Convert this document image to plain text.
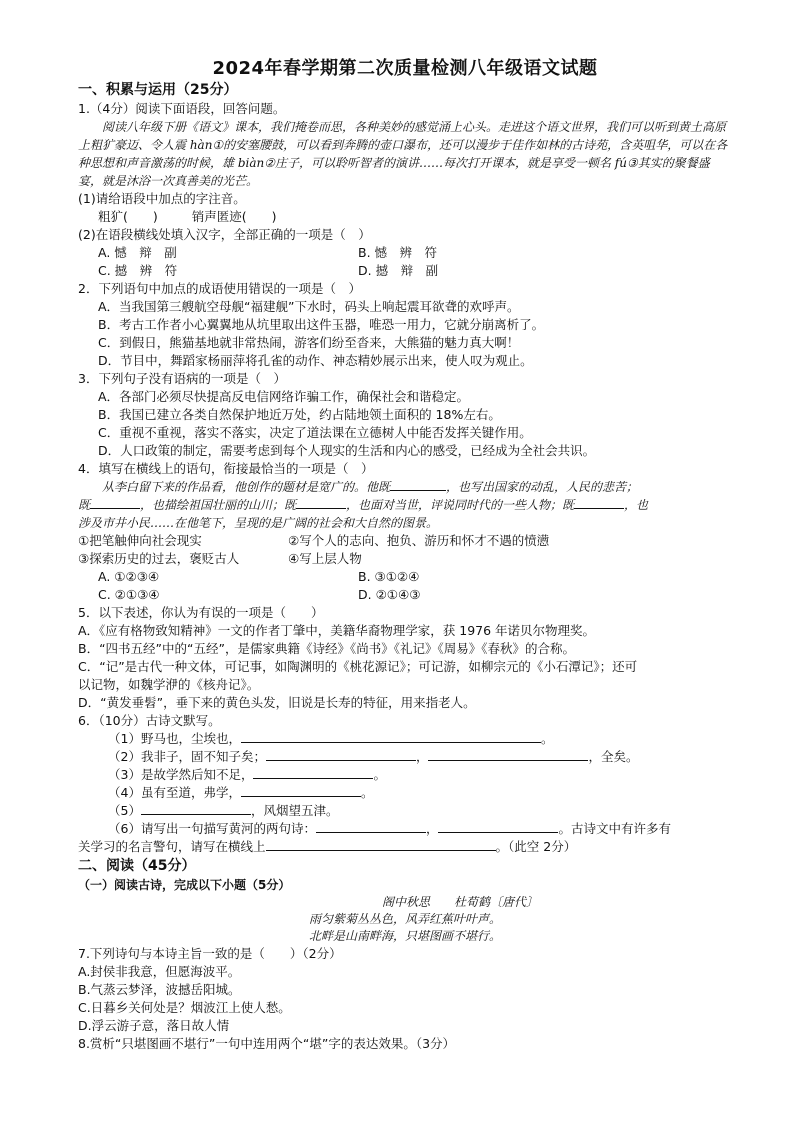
2024年春学期第二次质量检测八年级语文试题
一、积累与运用（25分）
1.（4分）阅读下面语段，回答问题。
阅读八年级下册《语文》课本，我们掩卷而思，各种美妙的感觉涌上心头。走进这个语文世界，我们可以听到黄土高原上粗犷豪迈、令人震 hàn①的安塞腰鼓，可以看到奔腾的壶口瀑布，还可以漫步于佳作如林的古诗苑，含英咀华，可以在各种思想和声音激荡的时候，雄 biàn②庄子，可以聆听智者的演讲……每次打开课本，就是享受一顿名 fú③其实的聚餐盛宴，就是沐浴一次真善美的光芒。
(1)请给语段中加点的字注音。
粗犷(　　)	销声匿迹(　　)
(2)在语段横线处填入汉字，全部正确的一项是（　）
A. 憾　辩　副	B. 憾　辨　符
C. 撼　辨　符	D. 撼　辩　副
2．下列语句中加点的成语使用错误的一项是（　）
A．当我国第三艘航空母舰“福建舰”下水时，码头上响起震耳欲聋的欢呼声。
B．考古工作者小心翼翼地从坑里取出这件玉器，唯恐一用力，它就分崩离析了。
C．到假日，熊猫基地就非常热闹，游客们纷至沓来，大熊猫的魅力真大啊！
D．节目中，舞蹈家杨丽萍将孔雀的动作、神态精妙展示出来，使人叹为观止。
3．下列句子没有语病的一项是（　）
A．各部门必须尽快提高反电信网络诈骗工作，确保社会和谐稳定。
B．我国已建立各类自然保护地近万处，约占陆地领土面积的 18%左右。
C．重视不重视，落实不落实，决定了道法课在立德树人中能否发挥关键作用。
D．人口政策的制定，需要考虑到每个人现实的生活和内心的感受，已经成为全社会共识。
4．填写在横线上的语句，衔接最恰当的一项是（　）
从李白留下来的作品看，他创作的题材是宽广的。他既	，也写出国家的动乱，人民的悲苦；
既	，也描绘祖国壮丽的山川；既	，也面对当世，评说同时代的一些人物；既	，也
涉及市井小民……在他笔下，呈现的是广阔的社会和大自然的图景。
①把笔触伸向社会现实	②写个人的志向、抱负、游历和怀才不遇的愤懑
③探索历史的过去，褒贬古人	④写上层人物
A. ①②③④	B. ③①②④
C. ②①③④	D. ②①④③
5．以下表述，你认为有误的一项是（　　）
A．《应有格物致知精神》一文的作者丁肇中，美籍华裔物理学家，获 1976 年诺贝尔物理奖。
B．“四书五经”中的“五经”，是儒家典籍《诗经》《尚书》《礼记》《周易》《春秋》的合称。
C．“记”是古代一种文体，可记事，如陶渊明的《桃花源记》；可记游，如柳宗元的《小石潭记》；还可
以记物，如魏学洢的《核舟记》。
D．“黄发垂髫”，垂下来的黄色头发，旧说是长寿的特征，用来指老人。
6．（10分）古诗文默写。
（1）野马也，尘埃也，	。
（2）我非子，固不知子矣；	，	，全矣。
（3）是故学然后知不足，	。
（4）虽有至道，弗学，	。
（5）	，风烟望五津。
（6）请写出一句描写黄河的两句诗：	，	。古诗文中有许多有
关学习的名言警句，请写在横线上	。（此空 2分）
二、阅读（45分）
（一）阅读古诗，完成以下小题（5分）
阁中秋思　　杜荀鹤〔唐代〕
雨匀紫菊丛丛色，风弄红蕉叶叶声。
北畔是山南畔海，只堪图画不堪行。
7.下列诗句与本诗主旨一致的是（　　）（2分）
A.封侯非我意，但愿海波平。
B.气蒸云梦泽，波撼岳阳城。
C.日暮乡关何处是？烟波江上使人愁。
D.浮云游子意，落日故人情
8.赏析“只堪图画不堪行”一句中连用两个“堪”字的表达效果。（3分）
